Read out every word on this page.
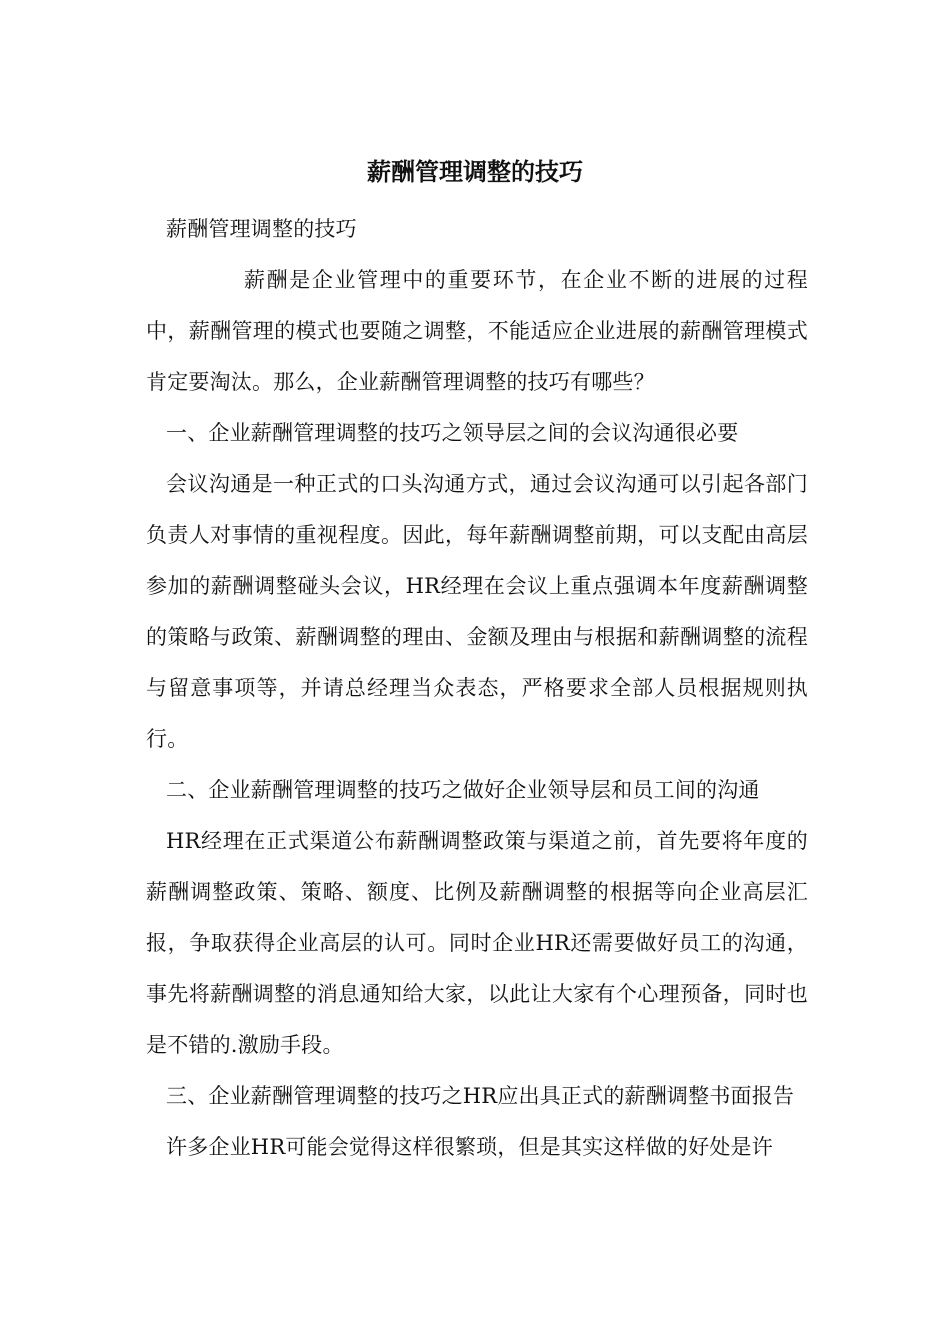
薪酬管理调整的技巧

薪酬管理调整的技巧

薪酬是企业管理中的重要环节，在企业不断的进展的过程中，薪酬管理的模式也要随之调整，不能适应企业进展的薪酬管理模式肯定要淘汰。那么，企业薪酬管理调整的技巧有哪些？

一、企业薪酬管理调整的技巧之领导层之间的会议沟通很必要

会议沟通是一种正式的口头沟通方式，通过会议沟通可以引起各部门负责人对事情的重视程度。因此，每年薪酬调整前期，可以支配由高层参加的薪酬调整碰头会议，HR经理在会议上重点强调本年度薪酬调整的策略与政策、薪酬调整的理由、金额及理由与根据和薪酬调整的流程与留意事项等，并请总经理当众表态，严格要求全部人员根据规则执行。

二、企业薪酬管理调整的技巧之做好企业领导层和员工间的沟通

HR经理在正式渠道公布薪酬调整政策与渠道之前，首先要将年度的薪酬调整政策、策略、额度、比例及薪酬调整的根据等向企业高层汇报，争取获得企业高层的认可。同时企业HR还需要做好员工的沟通，事先将薪酬调整的消息通知给大家，以此让大家有个心理预备，同时也是不错的.激励手段。

三、企业薪酬管理调整的技巧之HR应出具正式的薪酬调整书面报告

许多企业HR可能会觉得这样很繁琐，但是其实这样做的好处是许
